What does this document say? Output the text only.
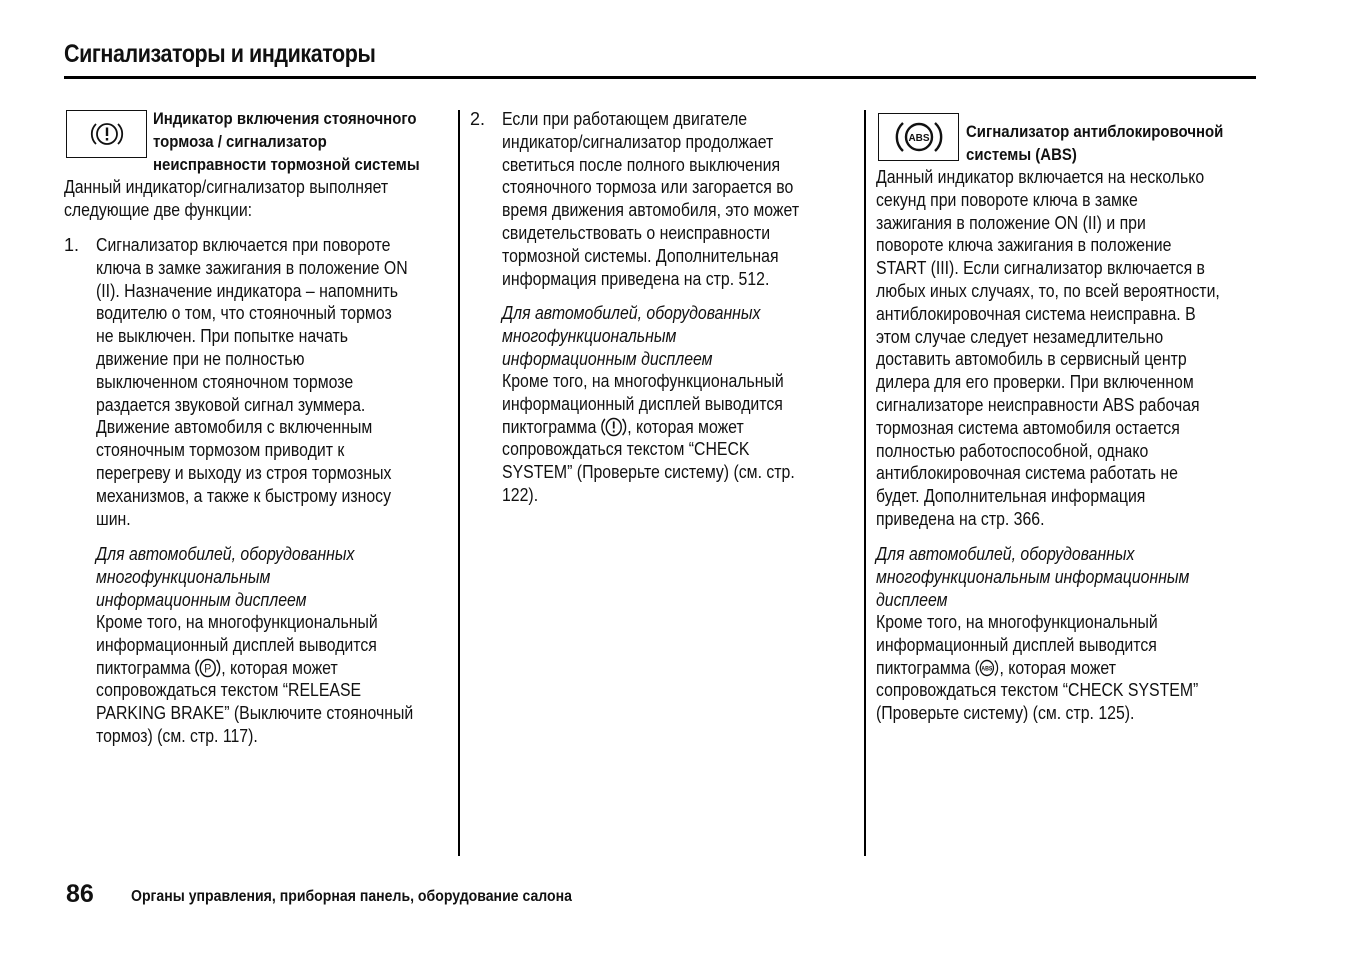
Сигнализаторы и индикаторы
Индикатор включения стояночного
тормоза / сигнализатор
неисправности тормозной системы
Данный индикатор/сигнализатор выполняет
следующие две функции:
1. Сигнализатор включается при повороте
ключа в замке зажигания в положение ON
(II). Назначение индикатора – напомнить
водителю о том, что стояночный тормоз
не выключен. При попытке начать
движение при не полностью
выключенном стояночном тормозе
раздается звуковой сигнал зуммера.
Движение автомобиля с включенным
стояночным тормозом приводит к
перегреву и выходу из строя тормозных
механизмов, а также к быстрому износу
шин.
Для автомобилей, оборудованных
многофункциональным
информационным дисплеем
Кроме того, на многофункциональный
информационный дисплей выводится
пиктограмма P , которая может
сопровождаться текстом “RELEASE
PARKING BRAKE” (Выключите стояночный
тормоз) (см. стр. 117).
2. Если при работающем двигателе
индикатор/сигнализатор продолжает
светиться после полного выключения
стояночного тормоза или загорается во
время движения автомобиля, это может
свидетельствовать о неисправности
тормозной системы. Дополнительная
информация приведена на стр. 512.
Для автомобилей, оборудованных
многофункциональным
информационным дисплеем
Кроме того, на многофункциональный
информационный дисплей выводится
пиктограмма , которая может
сопровождаться текстом “CHECK
SYSTEM” (Проверьте систему) (см. стр.
122).
ABS Сигнализатор антиблокировочной
системы (ABS)
Данный индикатор включается на несколько
секунд при повороте ключа в замке
зажигания в положение ON (II) и при
повороте ключа зажигания в положение
START (III). Если сигнализатор включается в
любых иных случаях, то, по всей вероятности,
антиблокировочная система неисправна. В
этом случае следует незамедлительно
доставить автомобиль в сервисный центр
дилера для его проверки. При включенном
сигнализаторе неисправности ABS рабочая
тормозная система автомобиля остается
полностью работоспособной, однако
антиблокировочная система работать не
будет. Дополнительная информация
приведена на стр. 366.
Для автомобилей, оборудованных
многофункциональным информационным
дисплеем
Кроме того, на многофункциональный
информационный дисплей выводится
пиктограмма ABS , которая может
сопровождаться текстом “CHECK SYSTEM”
(Проверьте систему) (см. стр. 125).
86 Органы управления, приборная панель, оборудование салона
